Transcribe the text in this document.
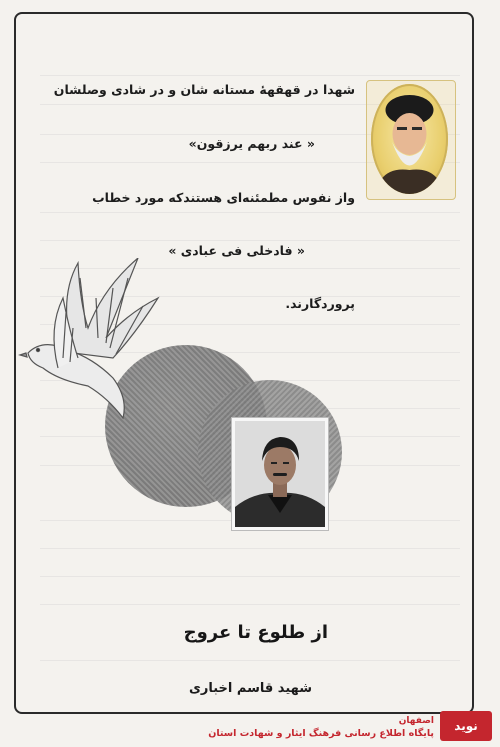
شهدا در قهقهۀ مستانه شان و در شادی وصلشان
« عند ربهم یرزقون»
واز نفوس مطمئنه‌ای هستندکه مورد خطاب
« فادخلی فی عبادی »
پروردگارند.
از طلوع تا عروج
شهید قاسم اخباری
نوید
اصفهان
پایگاه اطلاع رسانی فرهنگ ایثار و شهادت استان
